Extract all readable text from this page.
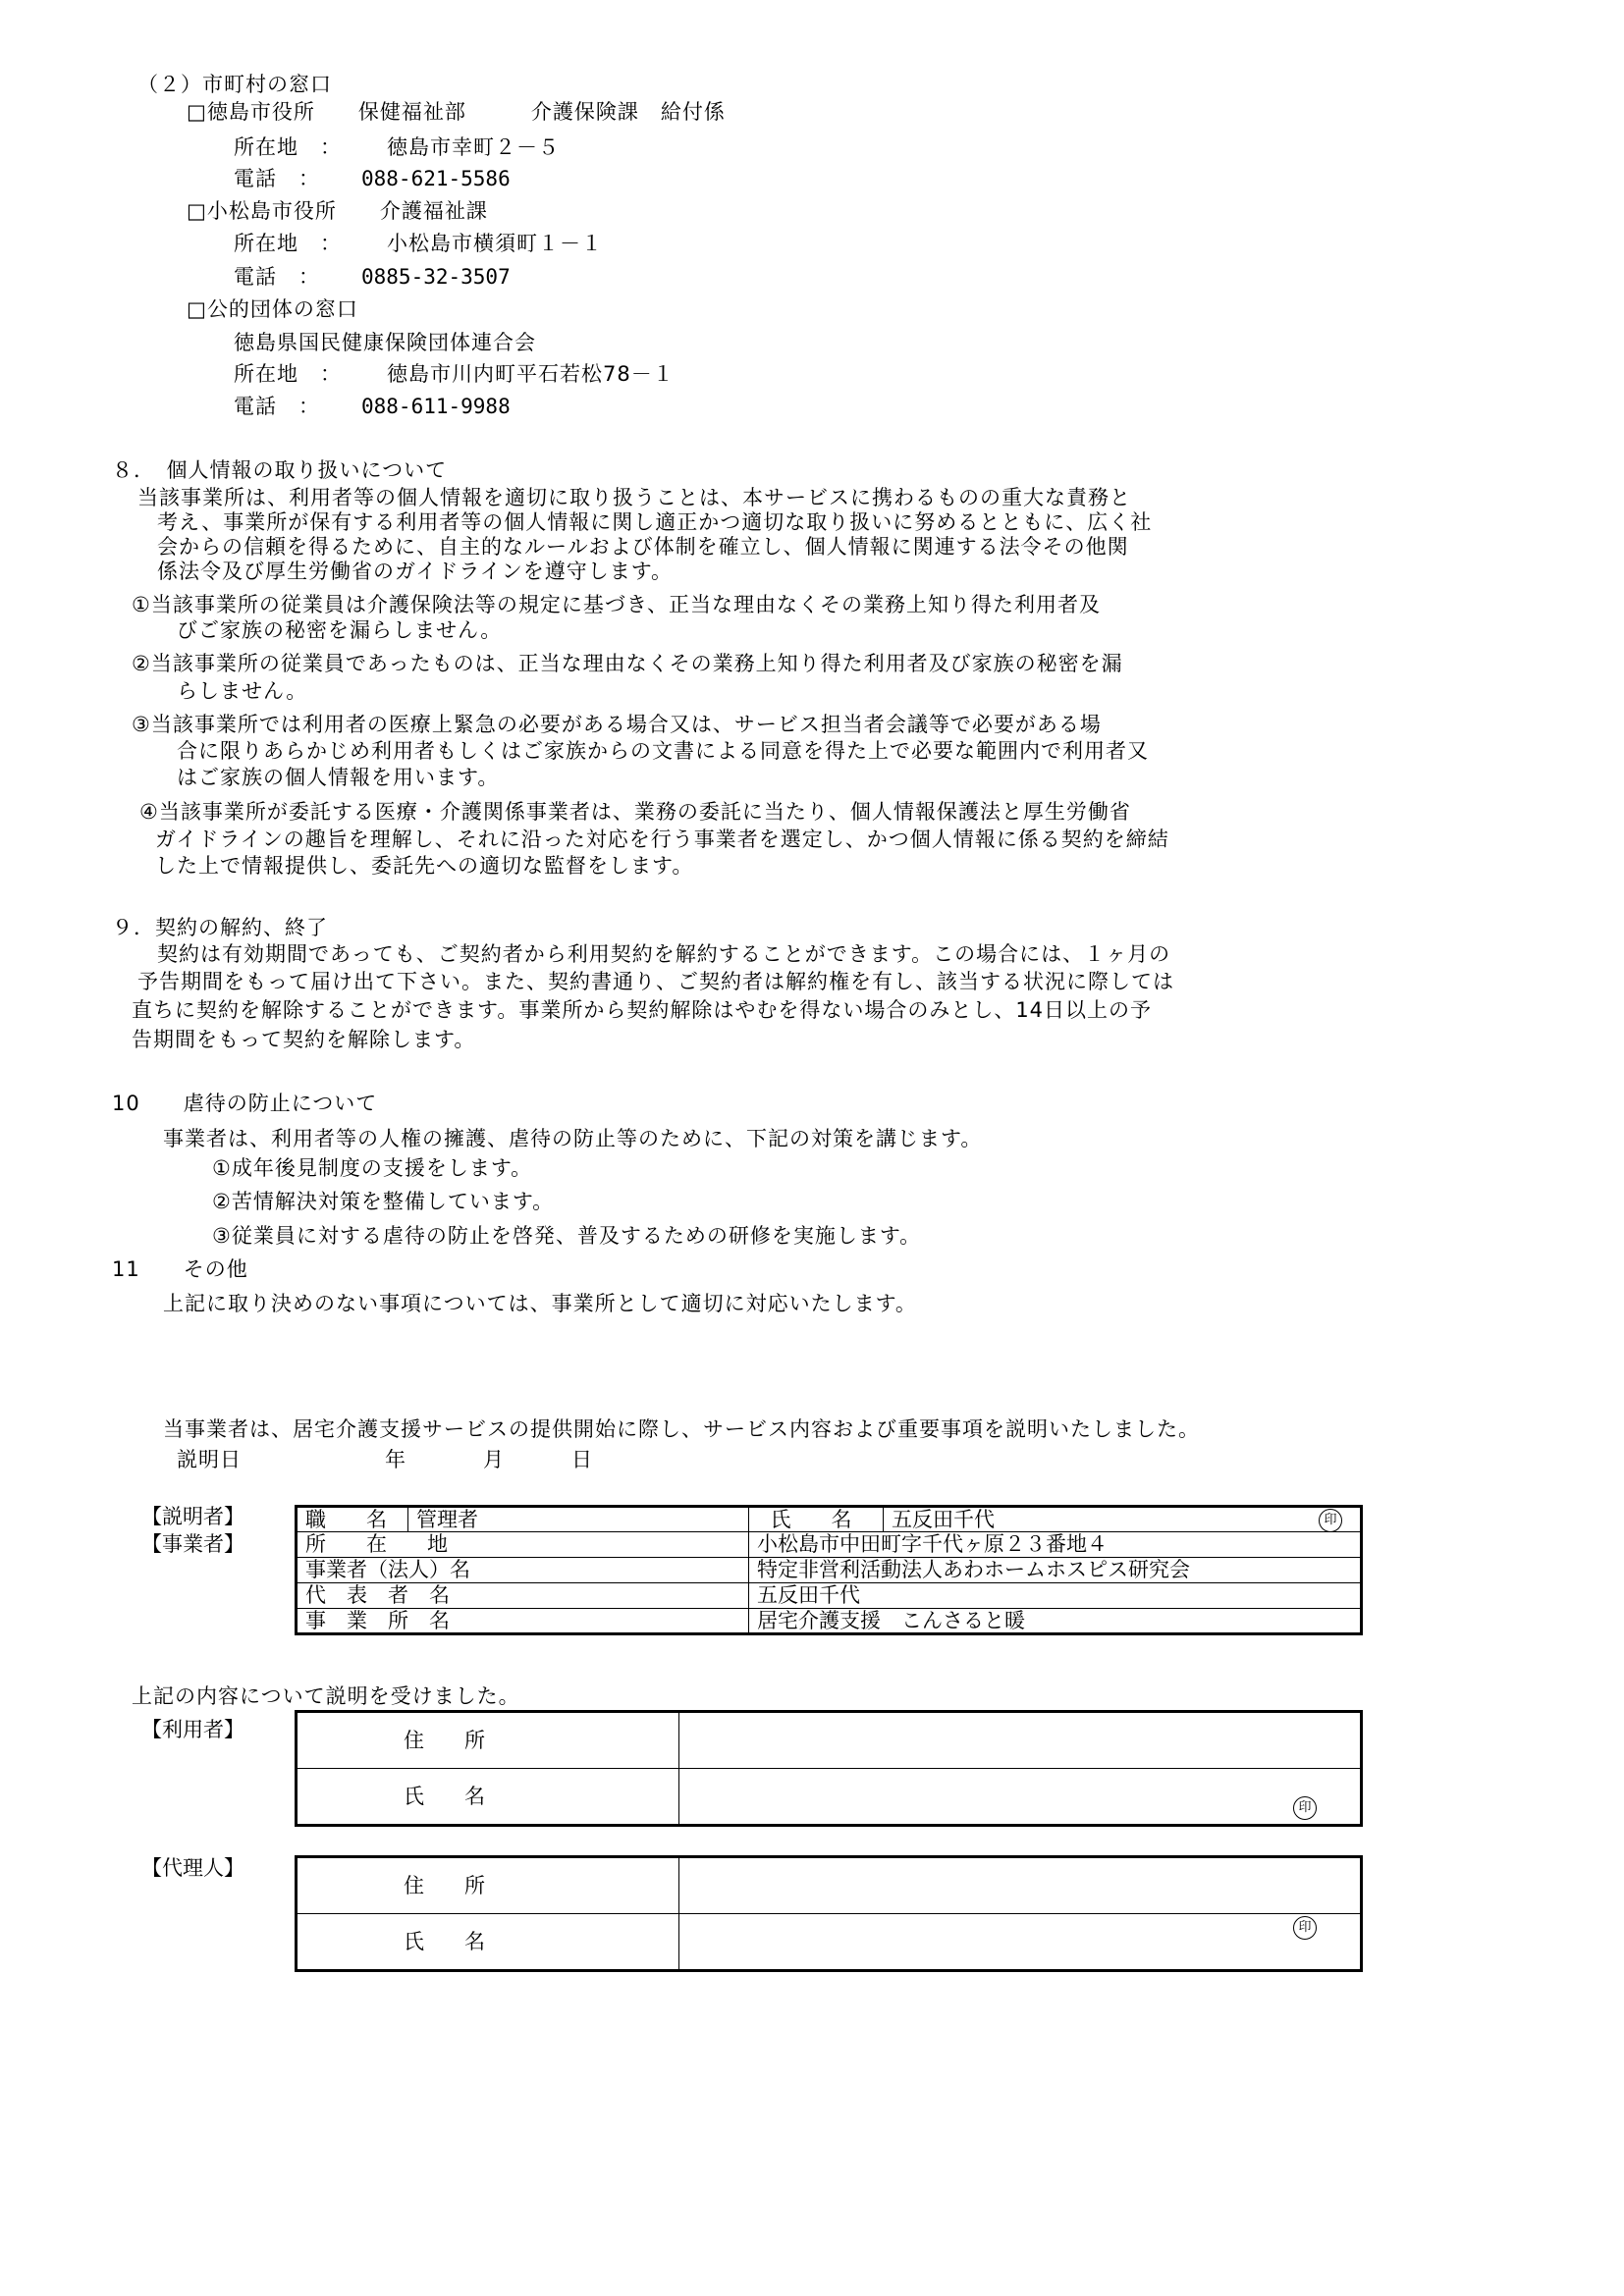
（２）市町村の窓口
□徳島市役所　　保健福祉部　　　介護保険課　給付係
所在地　： 徳島市幸町２－５
電話　： 088-621-5586
□小松島市役所　　介護福祉課
所在地　： 小松島市横須町１－１
電話　： 0885-32-3507
□公的団体の窓口
徳島県国民健康保険団体連合会
所在地　： 徳島市川内町平石若松78－１
電話　： 088-611-9988
８．　個人情報の取り扱いについて
当該事業所は、利用者等の個人情報を適切に取り扱うことは、本サービスに携わるものの重大な責務と
考え、事業所が保有する利用者等の個人情報に関し適正かつ適切な取り扱いに努めるとともに、広く社
会からの信頼を得るために、自主的なルールおよび体制を確立し、個人情報に関連する法令その他関
係法令及び厚生労働省のガイドラインを遵守します。
①当該事業所の従業員は介護保険法等の規定に基づき、正当な理由なくその業務上知り得た利用者及
びご家族の秘密を漏らしません。
②当該事業所の従業員であったものは、正当な理由なくその業務上知り得た利用者及び家族の秘密を漏
らしません。
③当該事業所では利用者の医療上緊急の必要がある場合又は、サービス担当者会議等で必要がある場
合に限りあらかじめ利用者もしくはご家族からの文書による同意を得た上で必要な範囲内で利用者又
はご家族の個人情報を用います。
④当該事業所が委託する医療・介護関係事業者は、業務の委託に当たり、個人情報保護法と厚生労働省
ガイドラインの趣旨を理解し、それに沿った対応を行う事業者を選定し、かつ個人情報に係る契約を締結
した上で情報提供し、委託先への適切な監督をします。
９．契約の解約、終了
契約は有効期間であっても、ご契約者から利用契約を解約することができます。この場合には、１ヶ月の
予告期間をもって届け出て下さい。また、契約書通り、ご契約者は解約権を有し、該当する状況に際しては
直ちに契約を解除することができます。事業所から契約解除はやむを得ない場合のみとし、14日以上の予
告期間をもって契約を解除します。
10　　虐待の防止について
事業者は、利用者等の人権の擁護、虐待の防止等のために、下記の対策を講じます。
①成年後見制度の支援をします。
②苦情解決対策を整備しています。
③従業員に対する虐待の防止を啓発、普及するための研修を実施します。
11　　その他
上記に取り決めのない事項については、事業所として適切に対応いたします。
当事業者は、居宅介護支援サービスの提供開始に際し、サービス内容および重要事項を説明いたしました。
説明日	年	月	日
【説明者】
【事業者】
職　名	管理者	氏　名	五反田千代 印

所　在　地		小松島市中田町字千代ヶ原２３番地４	
事業者（法人）名		特定非営利活動法人あわホームホスピス研究会	
代　表　者　名		五反田千代	
事　業　所　名		居宅介護支援　こんさると暖	
上記の内容について説明を受けました。
【利用者】	住　所	
氏　名	印
【代理人】
住　所	
氏　名	印
